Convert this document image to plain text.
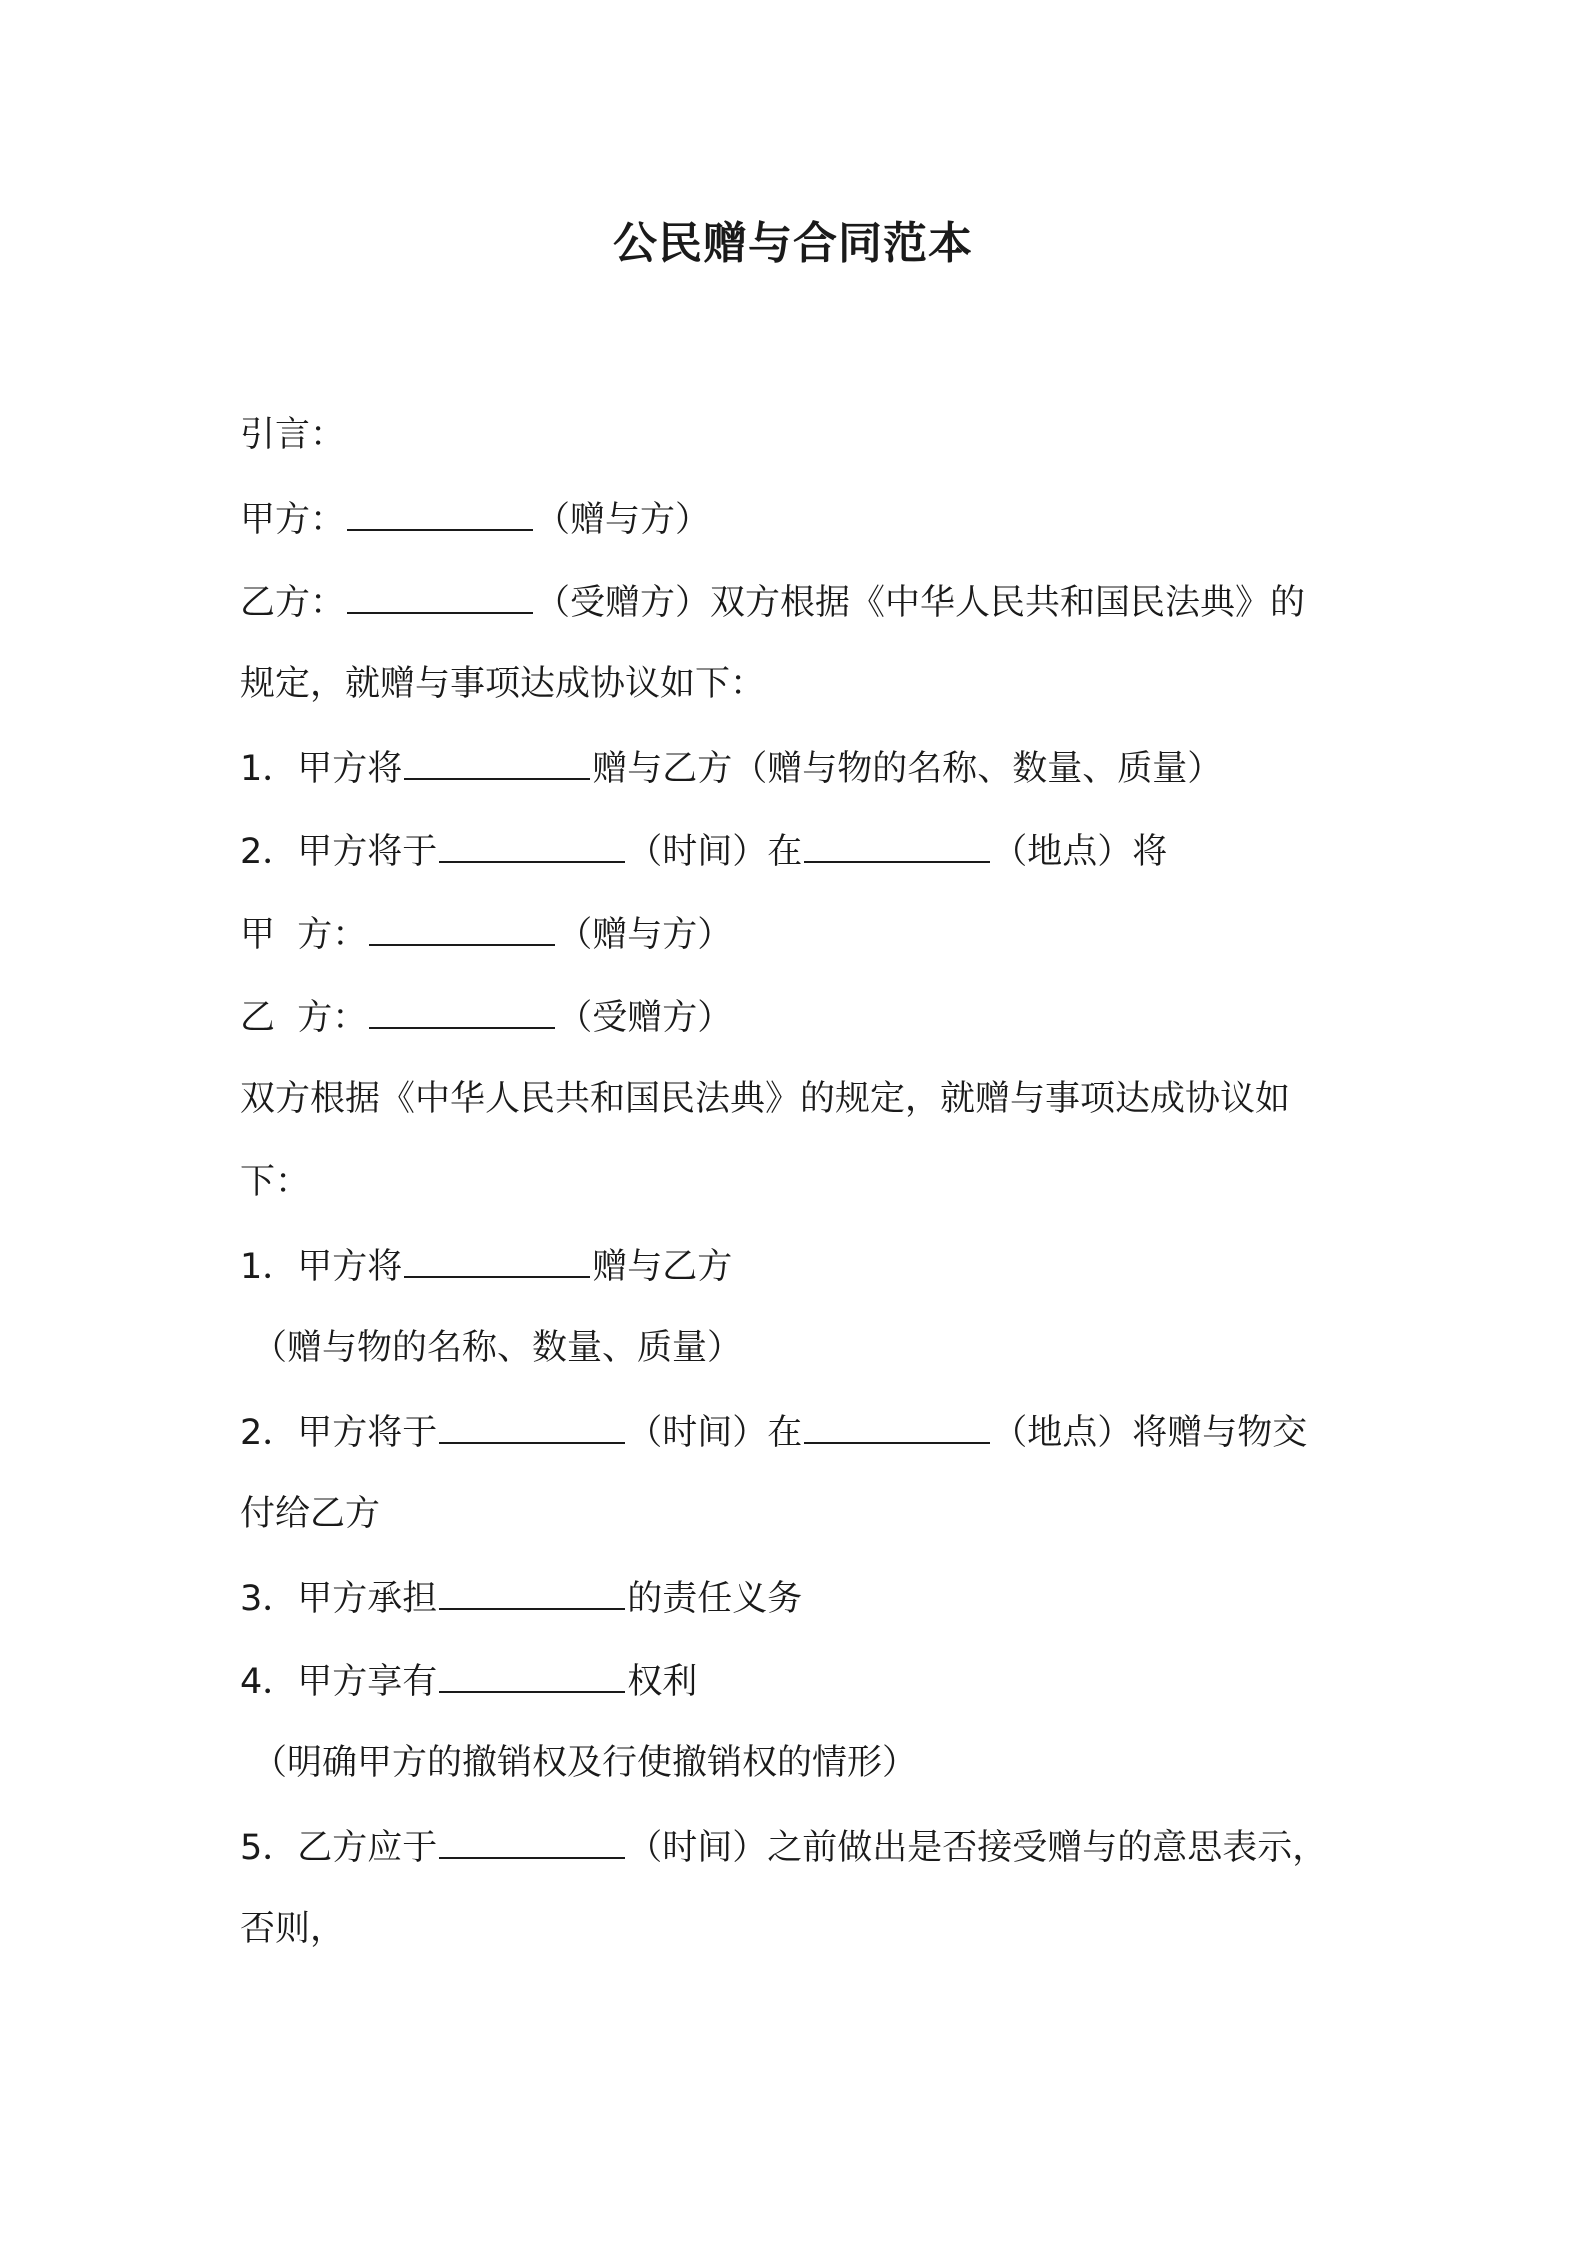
公民赠与合同范本
引言：
甲方：	（赠与方）
乙方：	（受赠方）双方根据《中华人民共和国民法典》的
规定，就赠与事项达成协议如下：
1．甲方将	赠与乙方（赠与物的名称、数量、质量）
2．甲方将于	（时间）在	（地点）将
甲  方：	（赠与方）
乙  方：	（受赠方）
双方根据《中华人民共和国民法典》的规定，就赠与事项达成协议如
下：
1．甲方将	赠与乙方
（赠与物的名称、数量、质量）
2．甲方将于	（时间）在	（地点）将赠与物交
付给乙方
3．甲方承担	的责任义务
4．甲方享有	权利
（明确甲方的撤销权及行使撤销权的情形）
5．乙方应于	（时间）之前做出是否接受赠与的意思表示，
否则，
